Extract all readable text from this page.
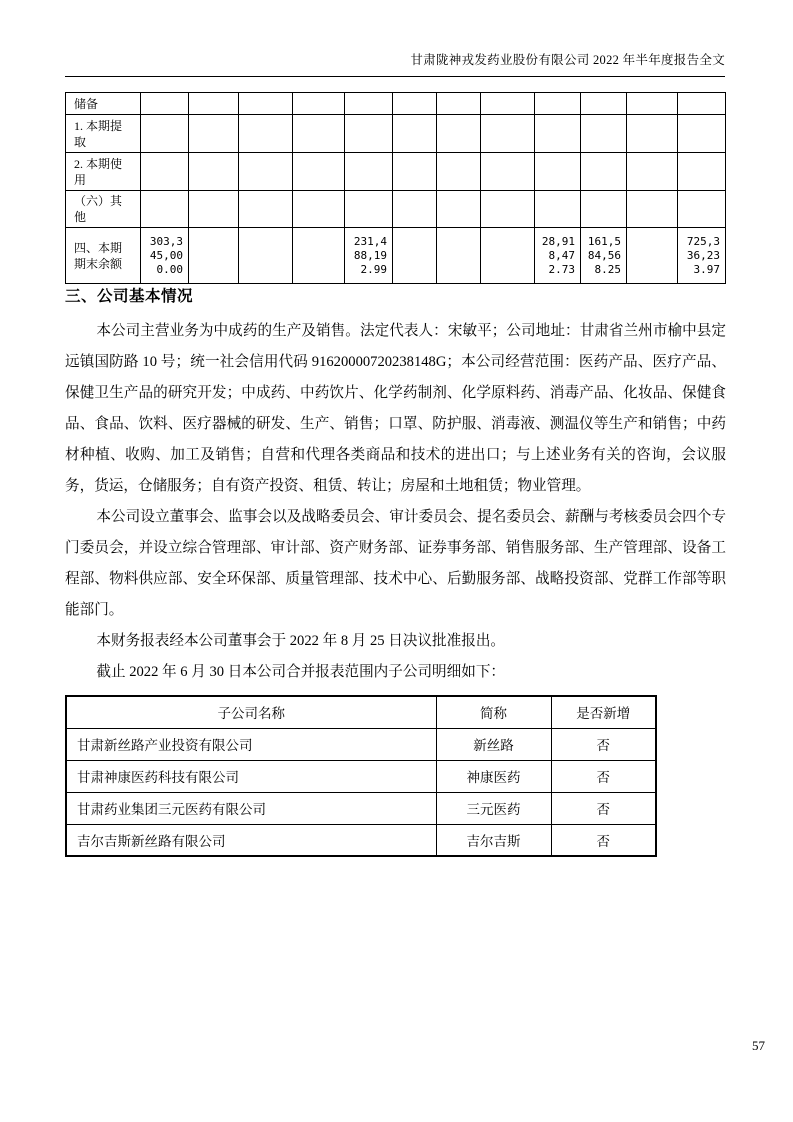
甘肃陇神戎发药业股份有限公司 2022 年半年度报告全文
储备												
1. 本期提取												
2. 本期使用												
（六）其他												
四、本期期末余额	303,345,000.00				231,488,192.99				28,918,472.73	161,584,568.25		725,336,233.97
三、公司基本情况

本公司主营业务为中成药的生产及销售。法定代表人：宋敏平；公司地址：甘肃省兰州市榆中县定远镇国防路 10 号；统一社会信用代码 91620000720238148G；本公司经营范围：医药产品、医疗产品、保健卫生产品的研究开发；中成药、中药饮片、化学药制剂、化学原料药、消毒产品、化妆品、保健食品、食品、饮料、医疗器械的研发、生产、销售；口罩、防护服、消毒液、测温仪等生产和销售；中药材种植、收购、加工及销售；自营和代理各类商品和技术的进出口；与上述业务有关的咨询，会议服务，货运，仓储服务；自有资产投资、租赁、转让；房屋和土地租赁；物业管理。

本公司设立董事会、监事会以及战略委员会、审计委员会、提名委员会、薪酬与考核委员会四个专门委员会，并设立综合管理部、审计部、资产财务部、证券事务部、销售服务部、生产管理部、设备工程部、物料供应部、安全环保部、质量管理部、技术中心、后勤服务部、战略投资部、党群工作部等职能部门。

本财务报表经本公司董事会于 2022 年 8 月 25 日决议批准报出。

截止 2022 年 6 月 30 日本公司合并报表范围内子公司明细如下：

子公司名称	简称	是否新增
甘肃新丝路产业投资有限公司	新丝路	否
甘肃神康医药科技有限公司	神康医药	否
甘肃药业集团三元医药有限公司	三元医药	否
吉尔吉斯新丝路有限公司	吉尔吉斯	否
57
